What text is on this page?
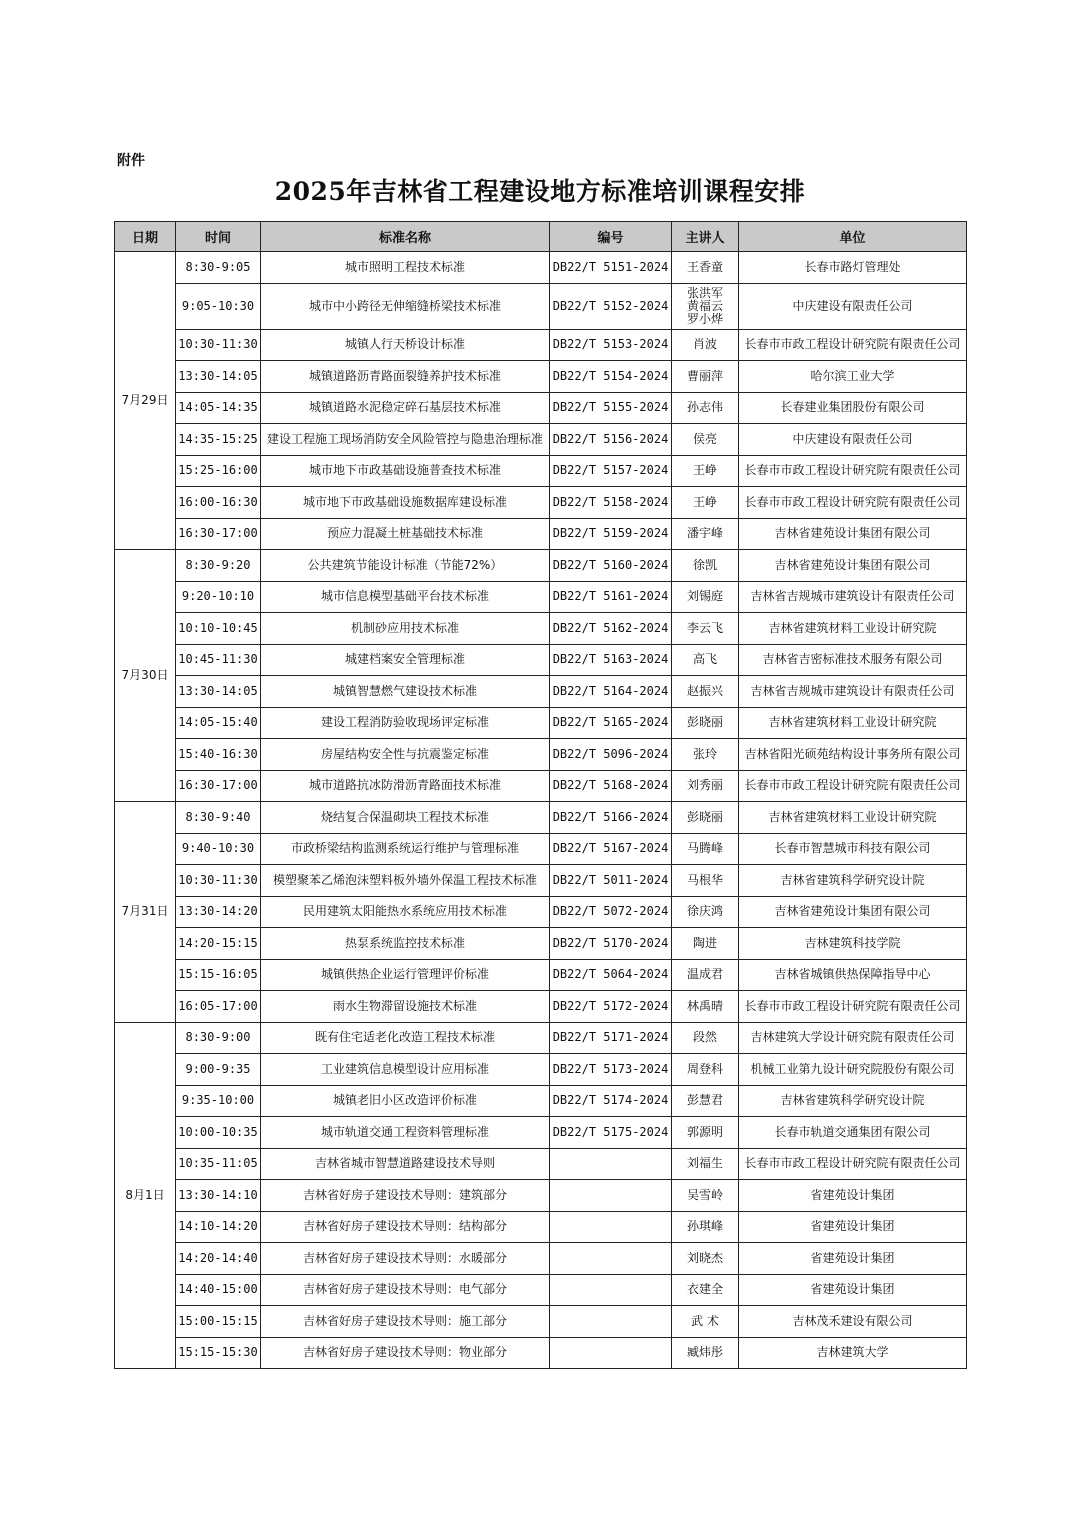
附件
2025年吉林省工程建设地方标准培训课程安排
日期	时间	标准名称	编号	主讲人	单位
7月29日	8:30-9:05	城市照明工程技术标准	DB22/T 5151-2024	王香童	长春市路灯管理处
	9:05-10:30	城市中小跨径无伸缩缝桥梁技术标准	DB22/T 5152-2024	张洪军
黄福云
罗小烨	中庆建设有限责任公司
	10:30-11:30	城镇人行天桥设计标准	DB22/T 5153-2024	肖波	长春市市政工程设计研究院有限责任公司
	13:30-14:05	城镇道路沥青路面裂缝养护技术标准	DB22/T 5154-2024	曹丽萍	哈尔滨工业大学
	14:05-14:35	城镇道路水泥稳定碎石基层技术标准	DB22/T 5155-2024	孙志伟	长春建业集团股份有限公司
	14:35-15:25	建设工程施工现场消防安全风险管控与隐患治理标准	DB22/T 5156-2024	侯亮	中庆建设有限责任公司
	15:25-16:00	城市地下市政基础设施普查技术标准	DB22/T 5157-2024	王峥	长春市市政工程设计研究院有限责任公司
	16:00-16:30	城市地下市政基础设施数据库建设标准	DB22/T 5158-2024	王峥	长春市市政工程设计研究院有限责任公司
	16:30-17:00	预应力混凝土桩基础技术标准	DB22/T 5159-2024	潘宇峰	吉林省建苑设计集团有限公司
7月30日	8:30-9:20	公共建筑节能设计标准（节能72%）	DB22/T 5160-2024	徐凯	吉林省建苑设计集团有限公司
	9:20-10:10	城市信息模型基础平台技术标准	DB22/T 5161-2024	刘锡庭	吉林省吉规城市建筑设计有限责任公司
	10:10-10:45	机制砂应用技术标准	DB22/T 5162-2024	李云飞	吉林省建筑材料工业设计研究院
	10:45-11:30	城建档案安全管理标准	DB22/T 5163-2024	高飞	吉林省吉密标准技术服务有限公司
	13:30-14:05	城镇智慧燃气建设技术标准	DB22/T 5164-2024	赵振兴	吉林省吉规城市建筑设计有限责任公司
	14:05-15:40	建设工程消防验收现场评定标准	DB22/T 5165-2024	彭晓丽	吉林省建筑材料工业设计研究院
	15:40-16:30	房屋结构安全性与抗震鉴定标准	DB22/T 5096-2024	张玲	吉林省阳光硕苑结构设计事务所有限公司
	16:30-17:00	城市道路抗冰防滑沥青路面技术标准	DB22/T 5168-2024	刘秀丽	长春市市政工程设计研究院有限责任公司
7月31日	8:30-9:40	烧结复合保温砌块工程技术标准	DB22/T 5166-2024	彭晓丽	吉林省建筑材料工业设计研究院
	9:40-10:30	市政桥梁结构监测系统运行维护与管理标准	DB22/T 5167-2024	马腾峰	长春市智慧城市科技有限公司
	10:30-11:30	模塑聚苯乙烯泡沫塑料板外墙外保温工程技术标准	DB22/T 5011-2024	马根华	吉林省建筑科学研究设计院
	13:30-14:20	民用建筑太阳能热水系统应用技术标准	DB22/T 5072-2024	徐庆鸿	吉林省建苑设计集团有限公司
	14:20-15:15	热泵系统监控技术标准	DB22/T 5170-2024	陶进	吉林建筑科技学院
	15:15-16:05	城镇供热企业运行管理评价标准	DB22/T 5064-2024	温成君	吉林省城镇供热保障指导中心
	16:05-17:00	雨水生物滞留设施技术标准	DB22/T 5172-2024	林禹晴	长春市市政工程设计研究院有限责任公司
8月1日	8:30-9:00	既有住宅适老化改造工程技术标准	DB22/T 5171-2024	段然	吉林建筑大学设计研究院有限责任公司
	9:00-9:35	工业建筑信息模型设计应用标准	DB22/T 5173-2024	周登科	机械工业第九设计研究院股份有限公司
	9:35-10:00	城镇老旧小区改造评价标准	DB22/T 5174-2024	彭慧君	吉林省建筑科学研究设计院
	10:00-10:35	城市轨道交通工程资料管理标准	DB22/T 5175-2024	郭源明	长春市轨道交通集团有限公司
	10:35-11:05	吉林省城市智慧道路建设技术导则		刘福生	长春市市政工程设计研究院有限责任公司
	13:30-14:10	吉林省好房子建设技术导则：建筑部分		吴雪岭	省建苑设计集团
	14:10-14:20	吉林省好房子建设技术导则：结构部分		孙琪峰	省建苑设计集团
	14:20-14:40	吉林省好房子建设技术导则：水暖部分		刘晓杰	省建苑设计集团
	14:40-15:00	吉林省好房子建设技术导则：电气部分		衣建全	省建苑设计集团
	15:00-15:15	吉林省好房子建设技术导则：施工部分		武 术	吉林茂禾建设有限公司
	15:15-15:30	吉林省好房子建设技术导则：物业部分		臧炜彤	吉林建筑大学
